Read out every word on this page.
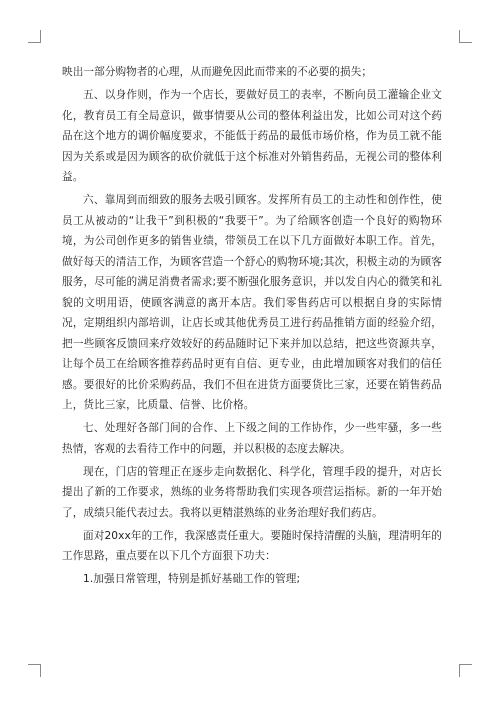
映出一部分购物者的心理，从而避免因此而带来的不必要的损失；

五、以身作则，作为一个店长，要做好员工的表率，不断向员工灌输企业文化，教育员工有全局意识，做事情要从公司的整体利益出发，比如公司对这个药品在这个地方的调价幅度要求，不能低于药品的最低市场价格，作为员工就不能因为关系或是因为顾客的砍价就低于这个标准对外销售药品，无视公司的整体利益。

六、靠周到而细致的服务去吸引顾客。发挥所有员工的主动性和创作性，使员工从被动的“让我干”到积极的“我要干”。为了给顾客创造一个良好的购物环境，为公司创作更多的销售业绩，带领员工在以下几方面做好本职工作。首先，做好每天的清洁工作，为顾客营造一个舒心的购物环境;其次，积极主动的为顾客服务，尽可能的满足消费者需求;要不断强化服务意识，并以发自内心的微笑和礼貌的文明用语，使顾客满意的离开本店。我们零售药店可以根据自身的实际情况，定期组织内部培训，让店长或其他优秀员工进行药品推销方面的经验介绍，把一些顾客反馈回来疗效较好的药品随时记下来并加以总结，把这些资源共享，让每个员工在给顾客推荐药品时更有自信、更专业，由此增加顾客对我们的信任感。要很好的比价采购药品，我们不但在进货方面要货比三家，还要在销售药品上，货比三家，比质量、信誉、比价格。

七、处理好各部门间的合作、上下级之间的工作协作，少一些牢骚，多一些热情，客观的去看待工作中的问题，并以积极的态度去解决。

现在，门店的管理正在逐步走向数据化、科学化，管理手段的提升，对店长提出了新的工作要求，熟练的业务将帮助我们实现各项营运指标。新的一年开始了，成绩只能代表过去。我将以更精湛熟练的业务治理好我们药店。

面对20xx年的工作，我深感责任重大。要随时保持清醒的头脑，理清明年的工作思路，重点要在以下几个方面狠下功夫：

1.加强日常管理，特别是抓好基础工作的管理;
